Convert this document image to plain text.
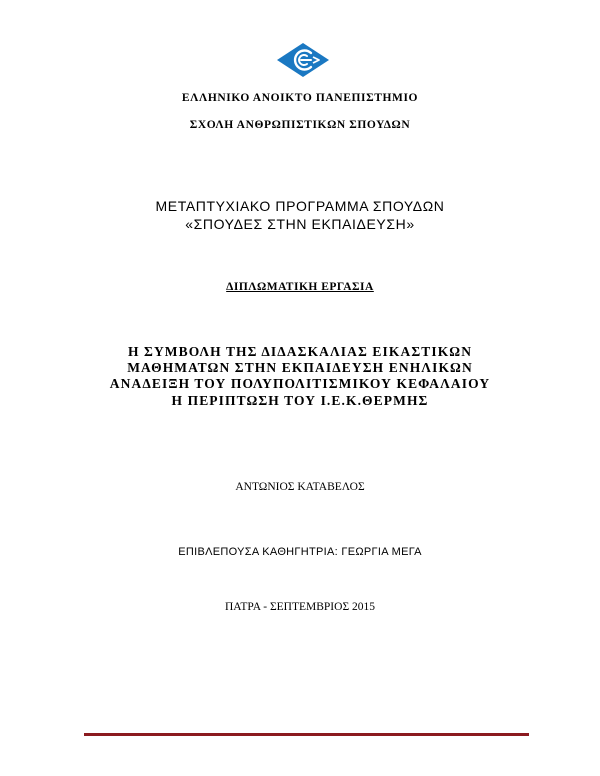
ΕΛΛΗΝΙΚΟ ΑΝΟΙΚΤΟ ΠΑΝΕΠΙΣΤΗΜΙΟ
ΣΧΟΛΗ ΑΝΘΡΩΠΙΣΤΙΚΩΝ ΣΠΟΥΔΩΝ
ΜΕΤΑΠΤΥΧΙΑΚΟ ΠΡΟΓΡΑΜΜΑ ΣΠΟΥΔΩΝ
«ΣΠΟΥΔΕΣ ΣΤΗΝ ΕΚΠΑΙΔΕΥΣΗ»
ΔΙΠΛΩΜΑΤΙΚΗ ΕΡΓΑΣΙΑ
Η ΣΥΜΒΟΛΗ ΤΗΣ ΔΙΔΑΣΚΑΛΙΑΣ ΕΙΚΑΣΤΙΚΩΝ
ΜΑΘΗΜΑΤΩΝ ΣΤΗΝ ΕΚΠΑΙΔΕΥΣΗ ΕΝΗΛΙΚΩΝ
ΑΝΑΔΕΙΞΗ ΤΟΥ ΠΟΛΥΠΟΛΙΤΙΣΜΙΚΟΥ ΚΕΦΑΛΑΙΟΥ
Η ΠΕΡΙΠΤΩΣΗ ΤΟΥ Ι.Ε.Κ.ΘΕΡΜΗΣ
ΑΝΤΩΝΙΟΣ ΚΑΤΑΒΕΛΟΣ
ΕΠΙΒΛΕΠΟΥΣΑ ΚΑΘΗΓΗΤΡΙΑ: ΓΕΩΡΓΙΑ ΜΕΓΑ
ΠΑΤΡΑ - ΣΕΠΤΕΜΒΡΙΟΣ 2015
